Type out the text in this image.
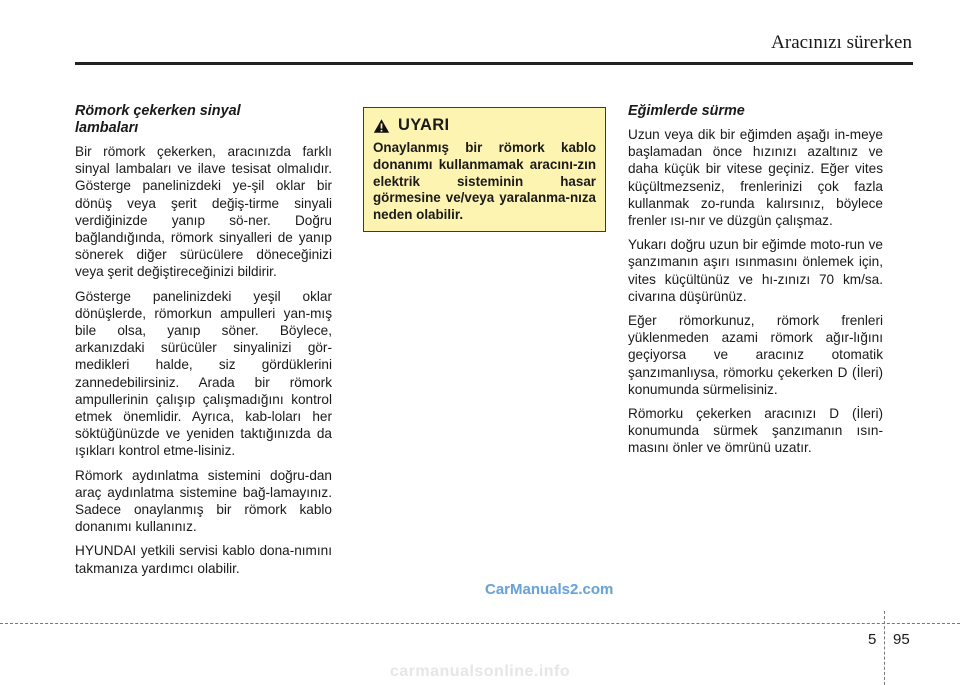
Aracınızı sürerken
Römork çekerken sinyal
lambaları

Bir römork çekerken, aracınızda farklı sinyal lambaları ve ilave tesisat olmalıdır. Gösterge panelinizdeki ye-şil oklar bir dönüş veya şerit değiş-tirme sinyali verdiğinizde yanıp sö-ner. Doğru bağlandığında, römork sinyalleri de yanıp sönerek diğer sürücülere döneceğinizi veya şerit değiştireceğinizi bildirir.

Gösterge panelinizdeki yeşil oklar dönüşlerde, römorkun ampulleri yan-mış bile olsa, yanıp söner. Böylece, arkanızdaki sürücüler sinyalinizi gör-medikleri halde, siz gördüklerini zannedebilirsiniz. Arada bir römork ampullerinin çalışıp çalışmadığını kontrol etmek önemlidir. Ayrıca, kab-loları her söktüğünüzde ve yeniden taktığınızda da ışıkları kontrol etme-lisiniz.

Römork aydınlatma sistemini doğru-dan araç aydınlatma sistemine bağ-lamayınız. Sadece onaylanmış bir römork kablo donanımı kullanınız.

HYUNDAI yetkili servisi kablo dona-nımını takmanıza yardımcı olabilir.

UYARI

Onaylanmış bir römork kablo donanımı kullanmamak aracını-zın elektrik sisteminin hasar görmesine ve/veya yaralanma-nıza neden olabilir.

Eğimlerde sürme

Uzun veya dik bir eğimden aşağı in-meye başlamadan önce hızınızı azaltınız ve daha küçük bir vitese geçiniz. Eğer vites küçültmezseniz, frenlerinizi çok fazla kullanmak zo-runda kalırsınız, böylece frenler ısı-nır ve düzgün çalışmaz.

Yukarı doğru uzun bir eğimde moto-run ve şanzımanın aşırı ısınmasını önlemek için, vites küçültünüz ve hı-zınızı 70 km/sa. civarına düşürünüz.

Eğer römorkunuz, römork frenleri yüklenmeden azami römork ağır-lığını geçiyorsa ve aracınız otomatik şanzımanlıysa, römorku çekerken D (İleri) konumunda sürmelisiniz.

Römorku çekerken aracınızı D (İleri) konumunda sürmek şanzımanın ısın-masını önler ve ömrünü uzatır.

CarManuals2.com
5 95
carmanualsonline.info
